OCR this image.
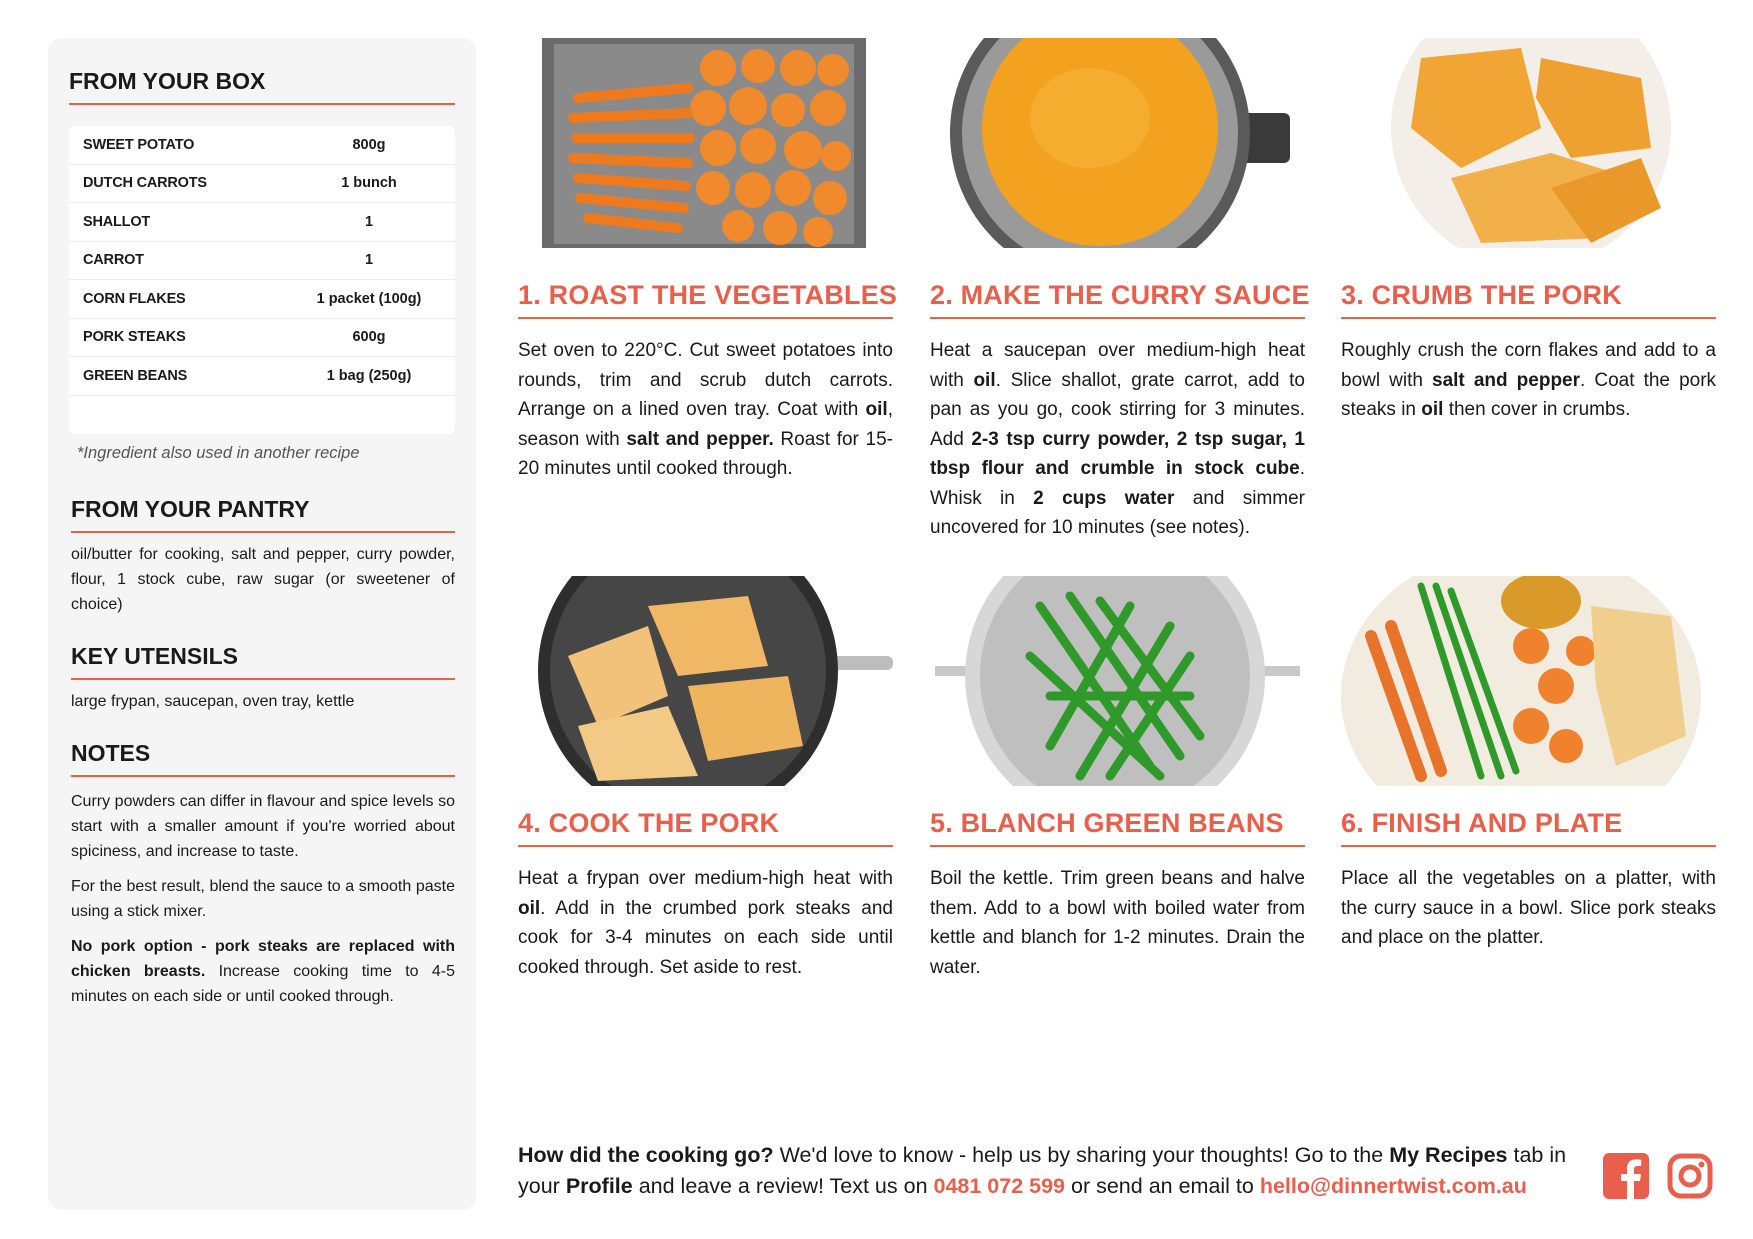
FROM YOUR BOX
SWEET POTATO	800g
DUTCH CARROTS	1 bunch
SHALLOT	1
CARROT	1
CORN FLAKES	1 packet (100g)
PORK STEAKS	600g
GREEN BEANS	1 bag (250g)
*Ingredient also used in another recipe
FROM YOUR PANTRY
oil/butter for cooking, salt and pepper, curry powder, flour, 1 stock cube, raw sugar (or sweetener of choice)
KEY UTENSILS
large frypan, saucepan, oven tray, kettle
NOTES

Curry powders can differ in flavour and spice levels so start with a smaller amount if you're worried about spiciness, and increase to taste.

For the best result, blend the sauce to a smooth paste using a stick mixer.

No pork option - pork steaks are replaced with chicken breasts. Increase cooking time to 4-5 minutes on each side or until cooked through.

1. ROAST THE VEGETABLES
Set oven to 220°C. Cut sweet potatoes into rounds, trim and scrub dutch carrots. Arrange on a lined oven tray. Coat with oil, season with salt and pepper. Roast for 15-20 minutes until cooked through.
2. MAKE THE CURRY SAUCE
Heat a saucepan over medium-high heat with oil. Slice shallot, grate carrot, add to pan as you go, cook stirring for 3 minutes. Add 2-3 tsp curry powder, 2 tsp sugar, 1 tbsp flour and crumble in stock cube. Whisk in 2 cups water and simmer uncovered for 10 minutes (see notes).
3. CRUMB THE PORK
Roughly crush the corn flakes and add to a bowl with salt and pepper. Coat the pork steaks in oil then cover in crumbs.
4. COOK THE PORK
Heat a frypan over medium-high heat with oil. Add in the crumbed pork steaks and cook for 3-4 minutes on each side until cooked through. Set aside to rest.
5. BLANCH GREEN BEANS
Boil the kettle. Trim green beans and halve them. Add to a bowl with boiled water from kettle and blanch for 1-2 minutes. Drain the water.
6. FINISH AND PLATE
Place all the vegetables on a platter, with the curry sauce in a bowl. Slice pork steaks and place on the platter.
How did the cooking go? We'd love to know - help us by sharing your thoughts! Go to the My Recipes tab in your Profile and leave a review! Text us on 0481 072 599 or send an email to hello@dinnertwist.com.au
